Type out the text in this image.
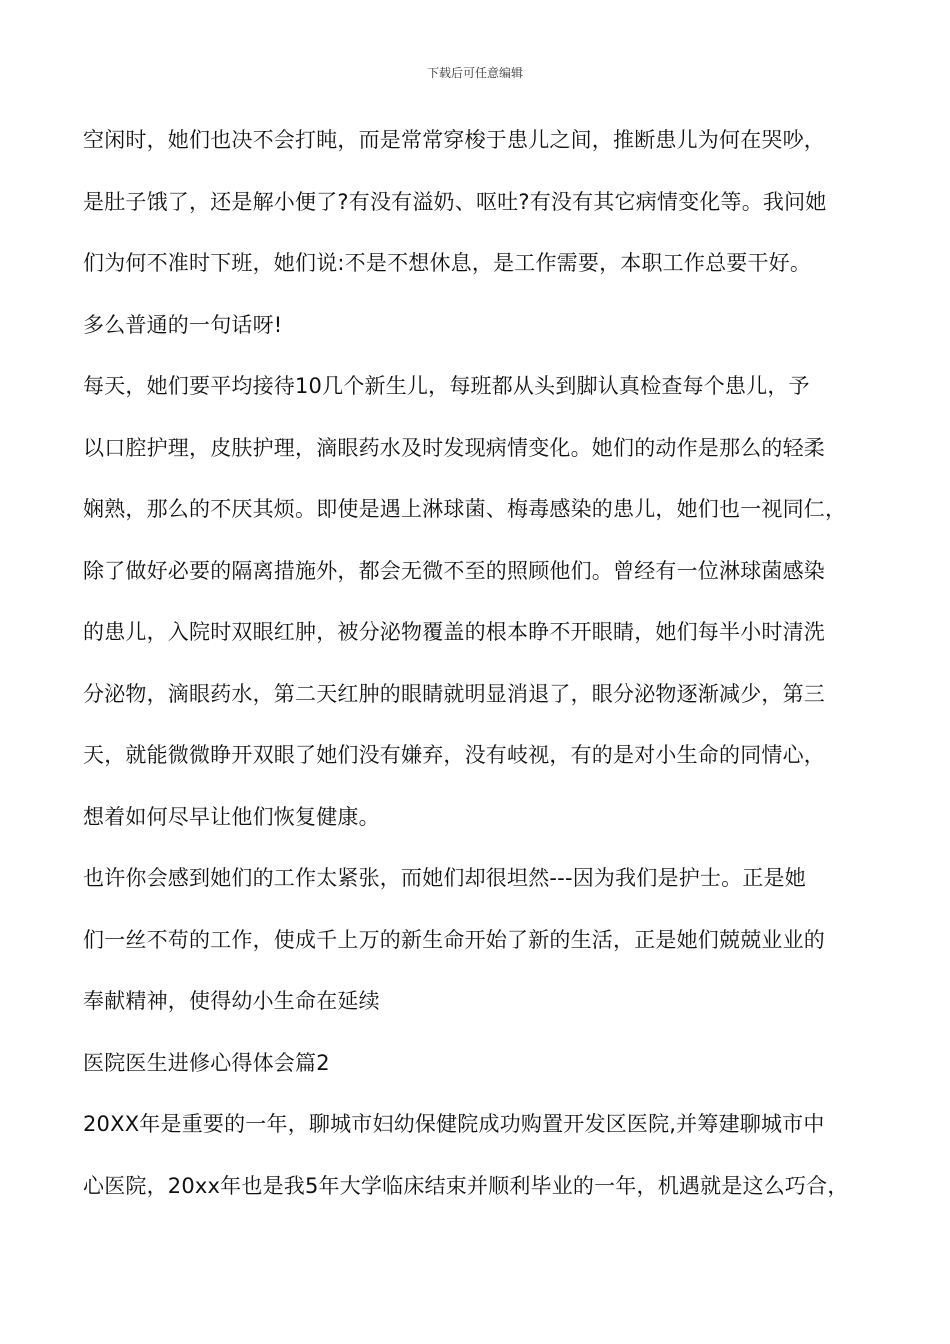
下载后可任意编辑
空闲时，她们也决不会打盹，而是常常穿梭于患儿之间，推断患儿为何在哭吵，
是肚子饿了，还是解小便了?有没有溢奶、呕吐?有没有其它病情变化等。我问她
们为何不准时下班，她们说:不是不想休息，是工作需要，本职工作总要干好。
多么普通的一句话呀!
每天，她们要平均接待10几个新生儿，每班都从头到脚认真检查每个患儿，予
以口腔护理，皮肤护理，滴眼药水及时发现病情变化。她们的动作是那么的轻柔
娴熟，那么的不厌其烦。即使是遇上淋球菌、梅毒感染的患儿，她们也一视同仁，
除了做好必要的隔离措施外，都会无微不至的照顾他们。曾经有一位淋球菌感染
的患儿，入院时双眼红肿，被分泌物覆盖的根本睁不开眼睛，她们每半小时清洗
分泌物，滴眼药水，第二天红肿的眼睛就明显消退了，眼分泌物逐渐减少，第三
天，就能微微睁开双眼了她们没有嫌弃，没有岐视，有的是对小生命的同情心，
想着如何尽早让他们恢复健康。
也许你会感到她们的工作太紧张，而她们却很坦然---因为我们是护士。正是她
们一丝不苟的工作，使成千上万的新生命开始了新的生活，正是她们兢兢业业的
奉献精神，使得幼小生命在延续
医院医生进修心得体会篇2
20XX年是重要的一年，聊城市妇幼保健院成功购置开发区医院,并筹建聊城市中
心医院，20xx年也是我5年大学临床结束并顺利毕业的一年，机遇就是这么巧合，
